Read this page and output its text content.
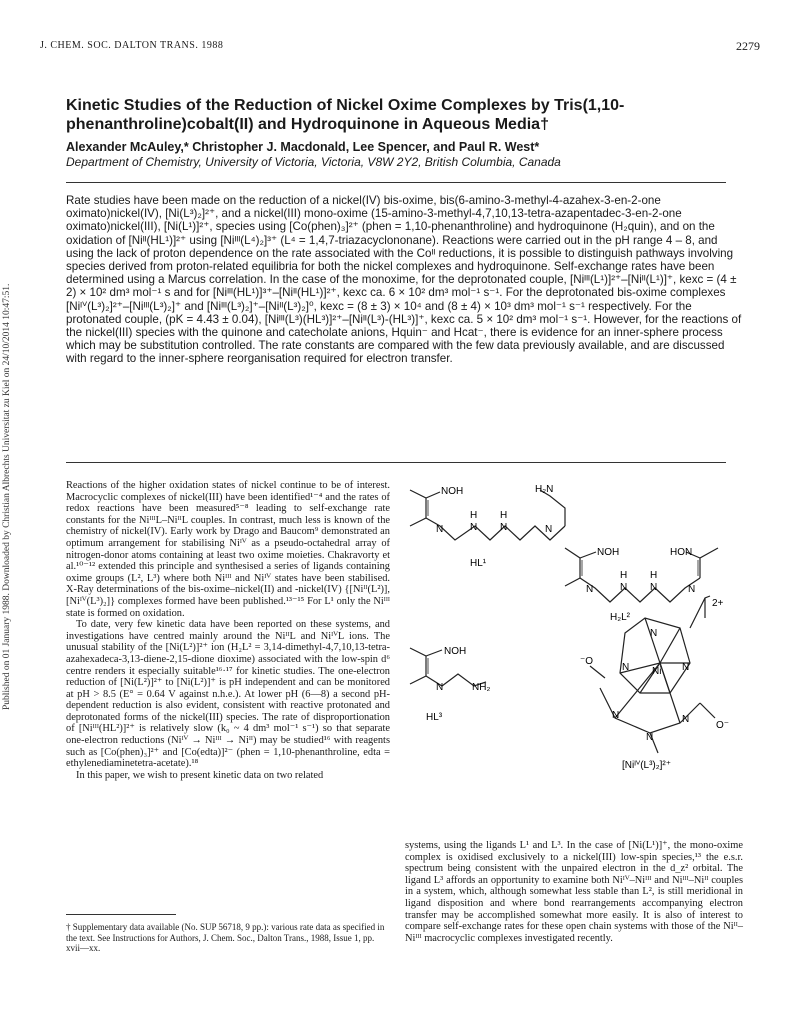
J. CHEM. SOC. DALTON TRANS. 1988	2279
Published on 01 January 1988. Downloaded by Christian Albrechts Universitat zu Kiel on 24/10/2014 10:47:51.
Kinetic Studies of the Reduction of Nickel Oxime Complexes by Tris(1,10-phenanthroline)cobalt(II) and Hydroquinone in Aqueous Media†
Alexander McAuley,* Christopher J. Macdonald, Lee Spencer, and Paul R. West*
Department of Chemistry, University of Victoria, Victoria, V8W 2Y2, British Columbia, Canada

Rate studies have been made on the reduction of a nickel(IV) bis-oxime, bis(6-amino-3-methyl-4-azahex-3-en-2-one oximato)nickel(IV), [Ni(L³)₂]²⁺, and a nickel(III) mono-oxime (15-amino-3-methyl-4,7,10,13-tetra-azapentadec-3-en-2-one oximato)nickel(III), [Ni(L¹)]²⁺, species using [Co(phen)₃]²⁺ (phen = 1,10-phenanthroline) and hydroquinone (H₂quin), and on the oxidation of [Niᴵᴵ(HL¹)]²⁺ using [Niᴵᴵᴵ(L⁴)₂]³⁺ (L⁴ = 1,4,7-triazacyclononane). Reactions were carried out in the pH range 4 – 8, and using the lack of proton dependence on the rate associated with the Coᴵᴵ reductions, it is possible to distinguish pathways involving species derived from proton-related equilibria for both the nickel complexes and hydroquinone. Self-exchange rates have been determined using a Marcus correlation. In the case of the monoxime, for the deprotonated couple, [Niᴵᴵᴵ(L¹)]²⁺–[Niᴵᴵ(L¹)]⁺, kexc = (4 ± 2) × 10² dm³ mol⁻¹ s and for [Niᴵᴵᴵ(HL¹)]³⁺–[Niᴵᴵ(HL¹)]²⁺, kexc ca. 6 × 10² dm³ mol⁻¹ s⁻¹. For the deprotonated bis-oxime complexes [Niᴵⱽ(L³)₂]²⁺–[Niᴵᴵᴵ(L³)₂]⁺ and [Niᴵᴵᴵ(L³)₂]⁺–[Niᴵᴵ(L³)₂]⁰, kexc = (8 ± 3) × 10⁴ and (8 ± 4) × 10³ dm³ mol⁻¹ s⁻¹ respectively. For the protonated couple, (pK = 4.43 ± 0.04), [Niᴵᴵᴵ(L³)(HL³)]²⁺–[Niᴵᴵ(L³)-(HL³)]⁺, kexc ca. 5 × 10² dm³ mol⁻¹ s⁻¹. However, for the reactions of the nickel(III) species with the quinone and catecholate anions, Hquin⁻ and Hcat⁻, there is evidence for an inner-sphere process which may be substitution controlled. The rate constants are compared with the few data previously available, and are discussed with regard to the inner-sphere reorganisation required for electron transfer.

Reactions of the higher oxidation states of nickel continue to be of interest. Macrocyclic complexes of nickel(III) have been identified¹⁻⁴ and the rates of redox reactions have been measured⁵⁻⁸ leading to self-exchange rate constants for the NiᴵᴵᴵL–NiᴵᴵL couples. In contrast, much less is known of the chemistry of nickel(IV). Early work by Drago and Baucom⁹ demonstrated an optimum arrangement for stabilising Niᴵⱽ as a pseudo-octahedral array of nitrogen-donor atoms containing at least two oxime moieties. Chakravorty et al.¹⁰⁻¹² extended this principle and synthesised a series of ligands containing oxime groups (L², L³) where both Niᴵᴵᴵ and Niᴵⱽ states have been stabilised. X-Ray determinations of the bis-oxime–nickel(II) and -nickel(IV) {[Niᴵᴵ(L²)], [Niᴵⱽ(L³)₂]} complexes formed have been published.¹³⁻¹⁵ For L¹ only the Niᴵᴵᴵ state is formed on oxidation.

To date, very few kinetic data have been reported on these systems, and investigations have centred mainly around the NiᴵᴵL and NiᴵⱽL ions. The unusual stability of the [Ni(L²)]²⁺ ion (H₂L² = 3,14-dimethyl-4,7,10,13-tetra-azahexadeca-3,13-diene-2,15-dione dioxime) associated with the low-spin d⁶ centre renders it especially suitable¹⁶·¹⁷ for kinetic studies. The one-electron reduction of [Ni(L²)]²⁺ to [Ni(L²)]⁺ is pH independent and can be monitored at pH > 8.5 (E° = 0.64 V against n.h.e.). At lower pH (6—8) a second pH-dependent reduction is also evident, consistent with reactive protonated and deprotonated forms of the nickel(III) species. The rate of disproportionation of [Niᴵᴵᴵ(HL²)]²⁺ is relatively slow (k₀ ~ 4 dm³ mol⁻¹ s⁻¹) so that separate one-electron reductions (Niᴵⱽ → Niᴵᴵᴵ → Niᴵᴵ) may be studied¹⁶ with reagents such as [Co(phen)₃]²⁺ and [Co(edta)]²⁻ (phen = 1,10-phenanthroline, edta = ethylenediaminetetra-acetate).¹⁸

In this paper, we wish to present kinetic data on two related

† Supplementary data available (No. SUP 56718, 9 pp.): various rate data as specified in the text. See Instructions for Authors, J. Chem. Soc., Dalton Trans., 1988, Issue 1, pp. xvii—xx.

systems, using the ligands L¹ and L³. In the case of [Ni(L¹)]⁺, the mono-oxime complex is oxidised exclusively to a nickel(III) low-spin species,¹³ the e.s.r. spectrum being consistent with the unpaired electron in the d_z² orbital. The ligand L³ affords an opportunity to examine both Niᴵⱽ–Niᴵᴵᴵ and Niᴵᴵᴵ–Niᴵᴵ couples in a system, which, although somewhat less stable than L², is still meridional in ligand disposition and where bond rearrangements accompanying electron transfer may be accomplished somewhat more easily. It is also of interest to compare self-exchange rates for these open chain systems with those of the Niᴵᴵ–Niᴵᴵᴵ macrocyclic complexes investigated recently.

NOH	H₂N
N
H
N
H
N	N
HL¹
NOH	HON
N
H
N
H
N	N
H₂L²
NOH
N	NH₂
HL³
2+
Ni
N
N	N
N	N
N
⁻O
O⁻
[Niᴵⱽ(L³)₂]²⁺
